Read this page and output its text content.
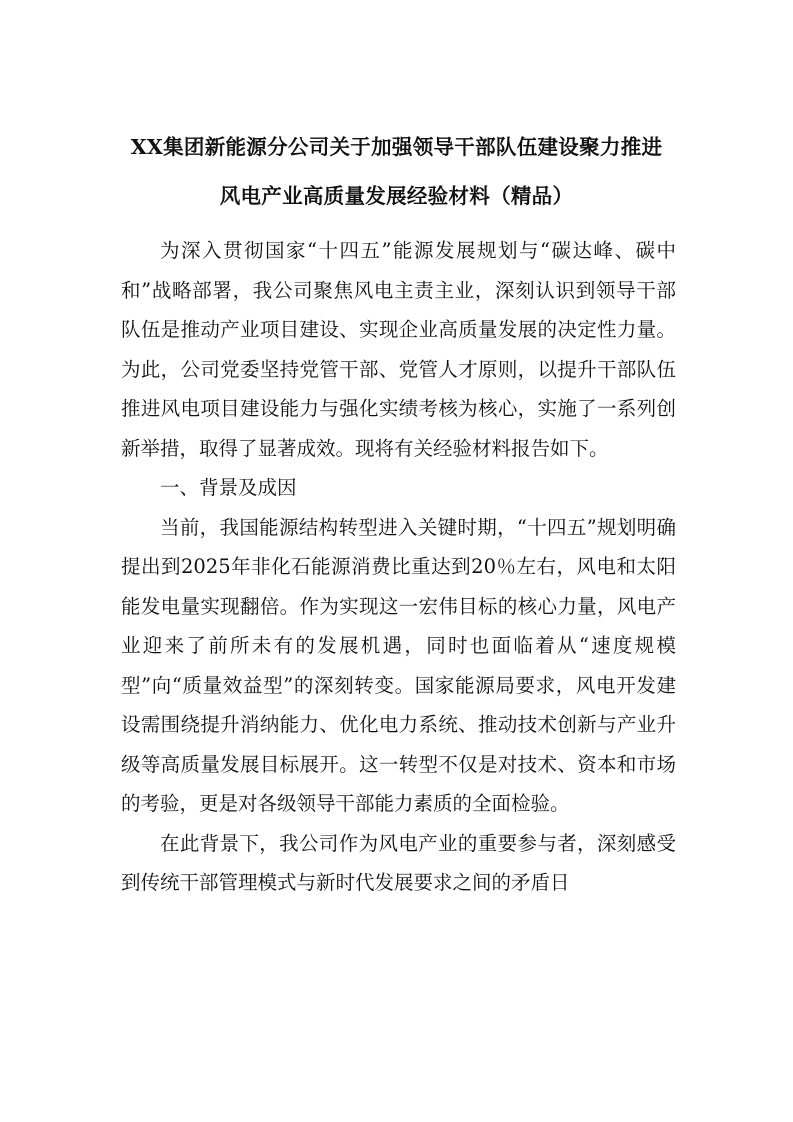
XX集团新能源分公司关于加强领导干部队伍建设聚力推进
风电产业高质量发展经验材料（精品）

为深入贯彻国家“十四五”能源发展规划与“碳达峰、碳中和”战略部署，我公司聚焦风电主责主业，深刻认识到领导干部队伍是推动产业项目建设、实现企业高质量发展的决定性力量。为此，公司党委坚持党管干部、党管人才原则，以提升干部队伍推进风电项目建设能力与强化实绩考核为核心，实施了一系列创新举措，取得了显著成效。现将有关经验材料报告如下。

一、背景及成因

当前，我国能源结构转型进入关键时期，“十四五”规划明确提出到2025年非化石能源消费比重达到20％左右，风电和太阳能发电量实现翻倍。作为实现这一宏伟目标的核心力量，风电产业迎来了前所未有的发展机遇，同时也面临着从“速度规模型”向“质量效益型”的深刻转变。国家能源局要求，风电开发建设需围绕提升消纳能力、优化电力系统、推动技术创新与产业升级等高质量发展目标展开。这一转型不仅是对技术、资本和市场的考验，更是对各级领导干部能力素质的全面检验。

在此背景下，我公司作为风电产业的重要参与者，深刻感受到传统干部管理模式与新时代发展要求之间的矛盾日
